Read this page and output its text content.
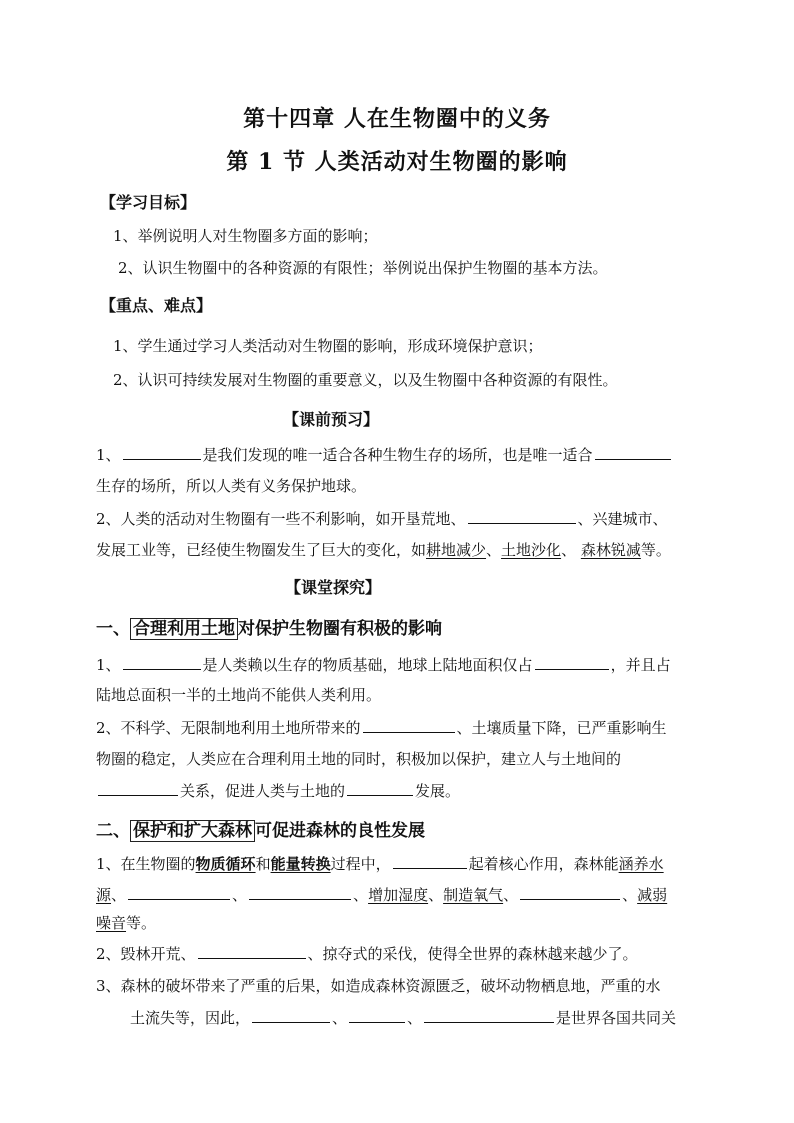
第十四章 人在生物圈中的义务
第 1 节 人类活动对生物圈的影响
【学习目标】
1、举例说明人对生物圈多方面的影响；
2、认识生物圈中的各种资源的有限性；举例说出保护生物圈的基本方法。
【重点、难点】
1、学生通过学习人类活动对生物圈的影响，形成环境保护意识；
2、认识可持续发展对生物圈的重要意义，以及生物圈中各种资源的有限性。
【课前预习】
1、	是我们发现的唯一适合各种生物生存的场所，也是唯一适合
生存的场所，所以人类有义务保护地球。
2、人类的活动对生物圈有一些不利影响，如开垦荒地、	、兴建城市、
发展工业等，已经使生物圈发生了巨大的变化，如耕地减少、土地沙化、 森林锐减等。
【课堂探究】
一、 合理利用土地 对保护生物圈有积极的影响
1、	是人类赖以生存的物质基础，地球上陆地面积仅占	，并且占
陆地总面积一半的土地尚不能供人类利用。
2、不科学、无限制地利用土地所带来的	、土壤质量下降，已严重影响生
物圈的稳定，人类应在合理利用土地的同时，积极加以保护，建立人与土地间的
关系，促进人类与土地的	发展。
二、 保护和扩大森林 可促进森林的良性发展
1、在生物圈的物质循环和能量转换过程中，	起着核心作用，森林能涵养水
源、	、	、增加湿度、制造氧气、	、减弱
噪音等。
2、毁林开荒、	、掠夺式的采伐，使得全世界的森林越来越少了。
3、森林的破坏带来了严重的后果，如造成森林资源匮乏，破坏动物栖息地，严重的水
土流失等，因此，	、	、	是世界各国共同关
